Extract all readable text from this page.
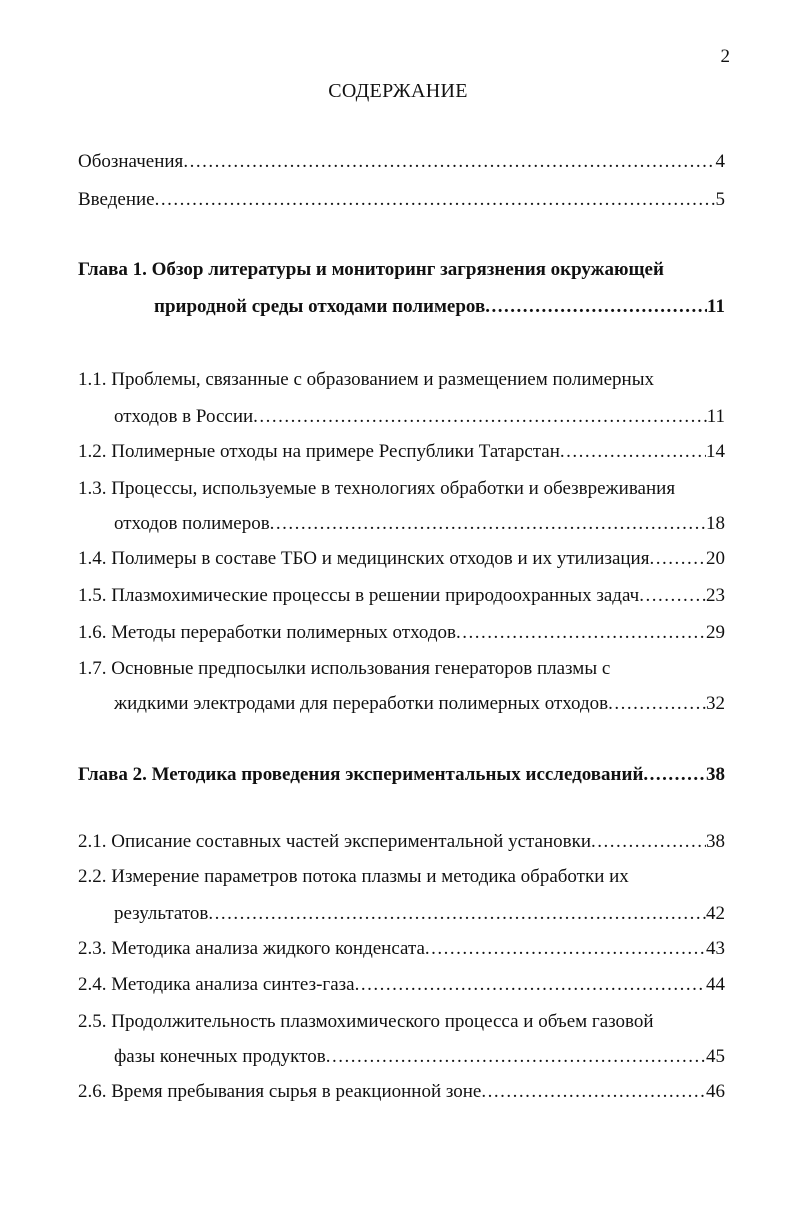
2
СОДЕРЖАНИЕ
Обозначения .....	4
Введение .....	5
Глава 1. Обзор литературы и мониторинг загрязнения окружающей
природной среды отходами полимеров .....	11
1.1. Проблемы, связанные с образованием и размещением полимерных
отходов в России .....	11
1.2. Полимерные отходы на примере Республики Татарстан .....	14
1.3. Процессы, используемые в технологиях обработки и обезвреживания
отходов полимеров .....	18
1.4. Полимеры в составе ТБО и медицинских отходов и их утилизация .....	20
1.5. Плазмохимические процессы в решении природоохранных задач .....	23
1.6. Методы переработки полимерных отходов .....	29
1.7. Основные предпосылки использования генераторов плазмы с
жидкими электродами для переработки полимерных отходов .....	32
Глава 2. Методика проведения экспериментальных исследований .....	38
2.1. Описание составных частей экспериментальной установки .....	38
2.2. Измерение параметров потока плазмы и методика обработки их
результатов .....	42
2.3. Методика анализа жидкого конденсата .....	43
2.4. Методика анализа синтез-газа .....	44
2.5. Продолжительность плазмохимического процесса и объем газовой
фазы конечных продуктов .....	45
2.6. Время пребывания сырья в реакционной зоне .....	46
